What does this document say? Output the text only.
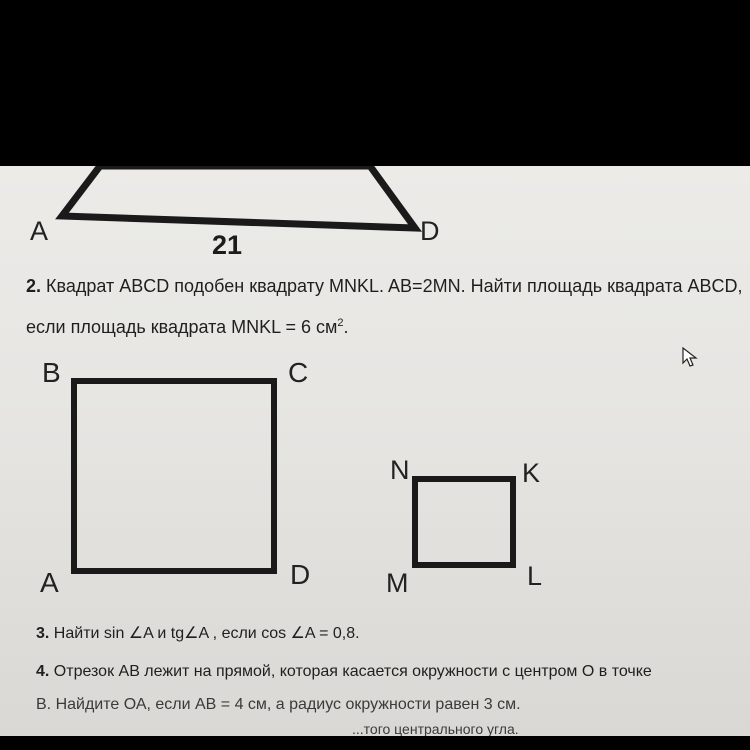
A	D
21
2. Квадрат ABCD подобен квадрату MNKL. AB=2MN. Найти площадь квадрата ABCD,
если площадь квадрата MNKL = 6 $см^2$.
B	C
A	D
N	K
M	L
3. Найти sin ∠A и tg∠A , если cos ∠A = 0,8.
4. Отрезок АВ лежит на прямой, которая касается окружности с центром O в точке
B. Найдите ОА, если АВ = 4 см, а радиус окружности равен 3 см.
...того центрального угла.
